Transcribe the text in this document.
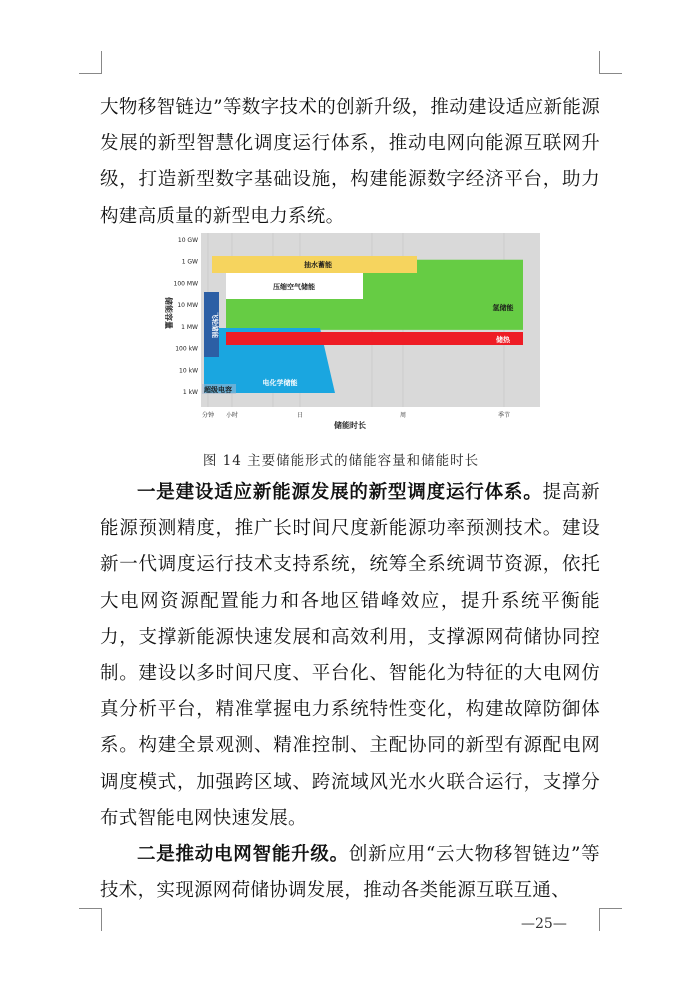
大物移智链边”等数字技术的创新升级，推动建设适应新能源发展的新型智慧化调度运行体系，推动电网向能源互联网升级，打造新型数字基础设施，构建能源数字经济平台，助力构建高质量的新型电力系统。

氢储能
抽水蓄能
压缩空气储能
电化学储能
储热
飞轮储能
超级电容
10 GW
1 GW
100 MW
10 MW
1 MW
100 kW
10 kW
1 kW
分钟 小时	日	周	季节
储能容量
储能时长
图 14 主要储能形式的储能容量和储能时长

一是建设适应新能源发展的新型调度运行体系。提高新能源预测精度，推广长时间尺度新能源功率预测技术。建设新一代调度运行技术支持系统，统筹全系统调节资源，依托大电网资源配置能力和各地区错峰效应，提升系统平衡能力，支撑新能源快速发展和高效利用，支撑源网荷储协同控制。建设以多时间尺度、平台化、智能化为特征的大电网仿真分析平台，精准掌握电力系统特性变化，构建故障防御体系。构建全景观测、精准控制、主配协同的新型有源配电网调度模式，加强跨区域、跨流域风光水火联合运行，支撑分布式智能电网快速发展。

二是推动电网智能升级。创新应用“云大物移智链边”等技术，实现源网荷储协调发展，推动各类能源互联互通、

—25—
